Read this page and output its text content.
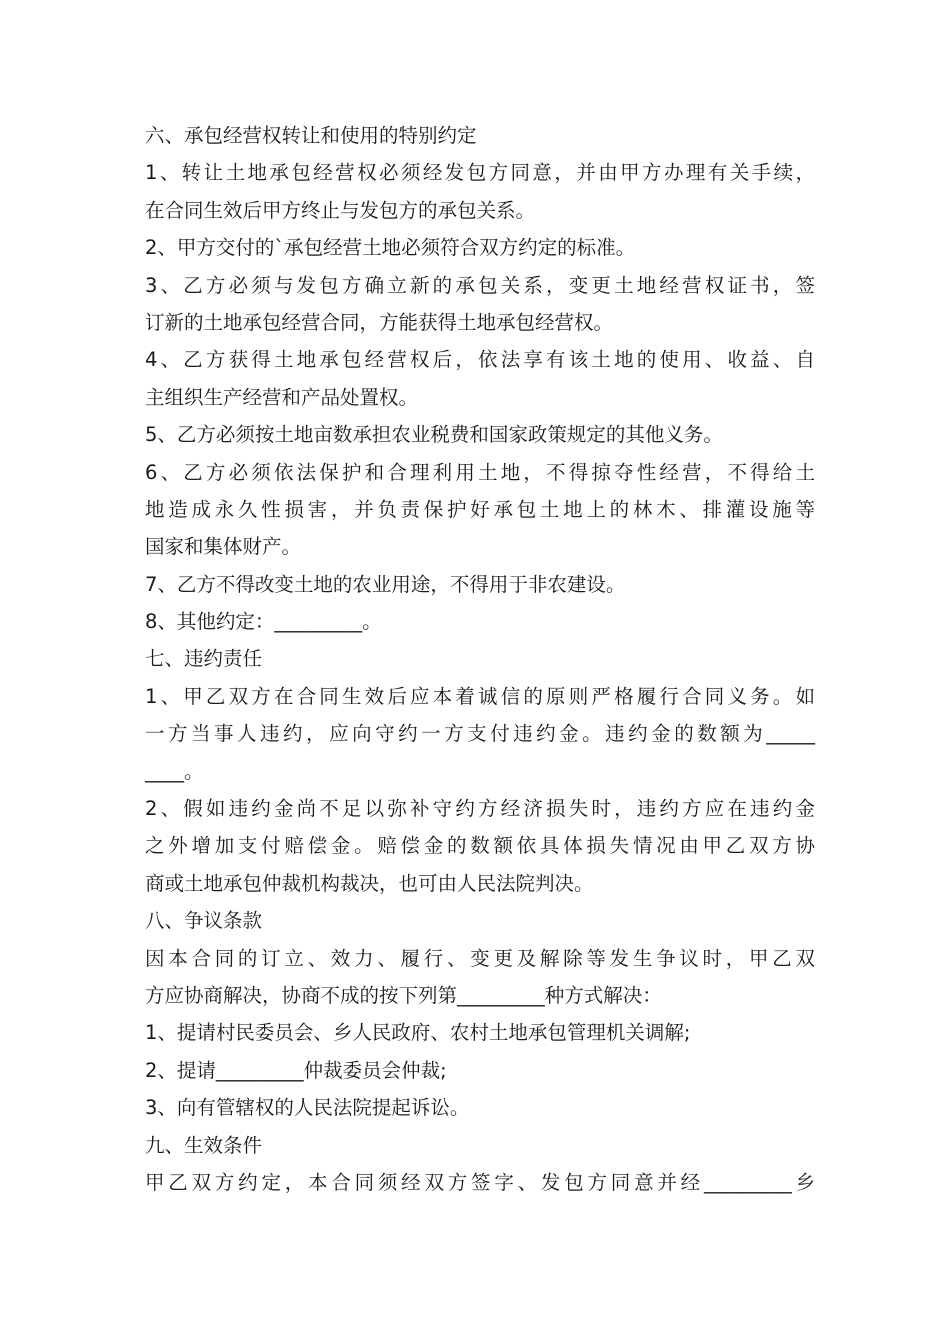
六、承包经营权转让和使用的特别约定
1、转让土地承包经营权必须经发包方同意，并由甲方办理有关手续，
在合同生效后甲方终止与发包方的承包关系。
2、甲方交付的`承包经营土地必须符合双方约定的标准。
3、乙方必须与发包方确立新的承包关系，变更土地经营权证书，签
订新的土地承包经营合同，方能获得土地承包经营权。
4、乙方获得土地承包经营权后，依法享有该土地的使用、收益、自
主组织生产经营和产品处置权。
5、乙方必须按土地亩数承担农业税费和国家政策规定的其他义务。
6、乙方必须依法保护和合理利用土地，不得掠夺性经营，不得给土
地造成永久性损害，并负责保护好承包土地上的林木、排灌设施等
国家和集体财产。
7、乙方不得改变土地的农业用途，不得用于非农建设。
8、其他约定：_________。
七、违约责任
1、甲乙双方在合同生效后应本着诚信的原则严格履行合同义务。如
一方当事人违约，应向守约一方支付违约金。违约金的数额为_____
____。
2、假如违约金尚不足以弥补守约方经济损失时，违约方应在违约金
之外增加支付赔偿金。赔偿金的数额依具体损失情况由甲乙双方协
商或土地承包仲裁机构裁决，也可由人民法院判决。
八、争议条款
因本合同的订立、效力、履行、变更及解除等发生争议时，甲乙双
方应协商解决，协商不成的按下列第_________种方式解决：
1、提请村民委员会、乡人民政府、农村土地承包管理机关调解;
2、提请_________仲裁委员会仲裁;
3、向有管辖权的人民法院提起诉讼。
九、生效条件
甲乙双方约定，本合同须经双方签字、发包方同意并经_________乡
